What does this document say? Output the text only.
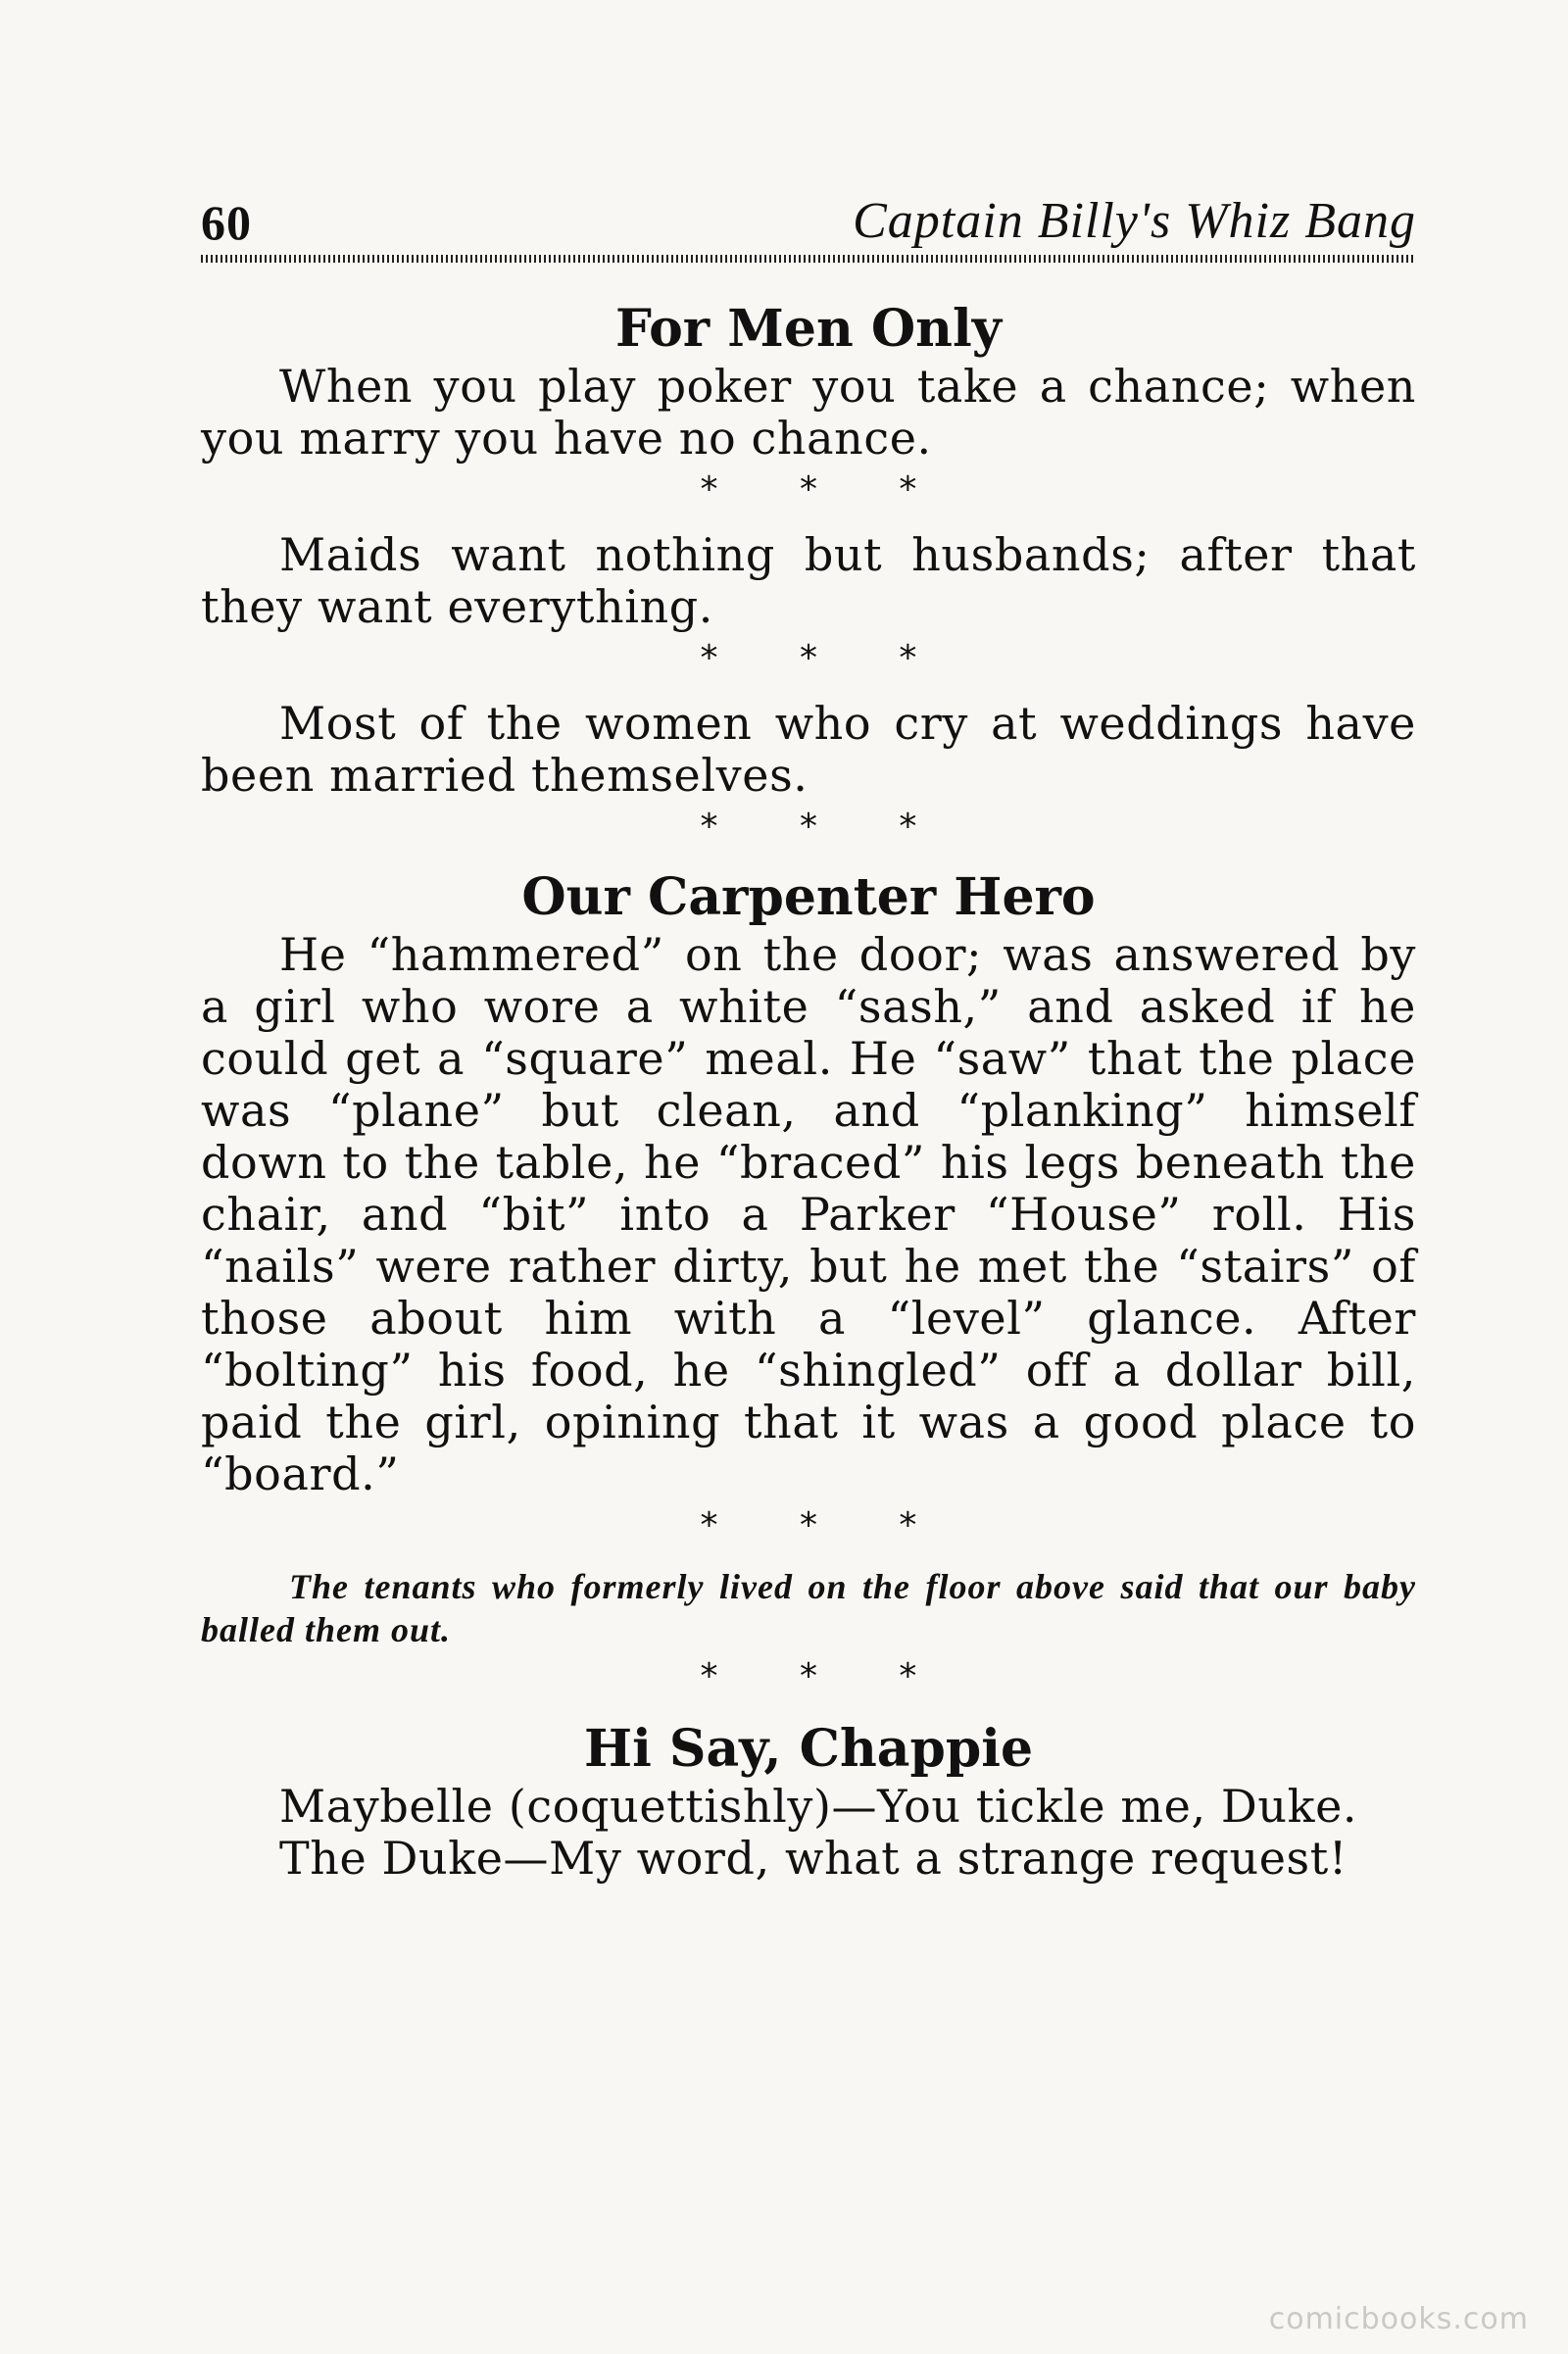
60	Captain Billy's Whiz Bang
For Men Only

When you play poker you take a chance; when you marry you have no chance.

* * *

Maids want nothing but husbands; after that they want everything.

* * *

Most of the women who cry at weddings have been married themselves.

* * *
Our Carpenter Hero

He “hammered” on the door; was answered by a girl who wore a white “sash,” and asked if he could get a “square” meal. He “saw” that the place was “plane” but clean, and “planking” himself down to the table, he “braced” his legs beneath the chair, and “bit” into a Parker “House” roll. His “nails” were rather dirty, but he met the “stairs” of those about him with a “level” glance. After “bolting” his food, he “shingled” off a dollar bill, paid the girl, opining that it was a good place to “board.”

* * *

The tenants who formerly lived on the floor above said that our baby balled them out.

* * *
Hi Say, Chappie

Maybelle (coquettishly)—You tickle me, Duke.

The Duke—My word, what a strange request!

comicbooks.com
